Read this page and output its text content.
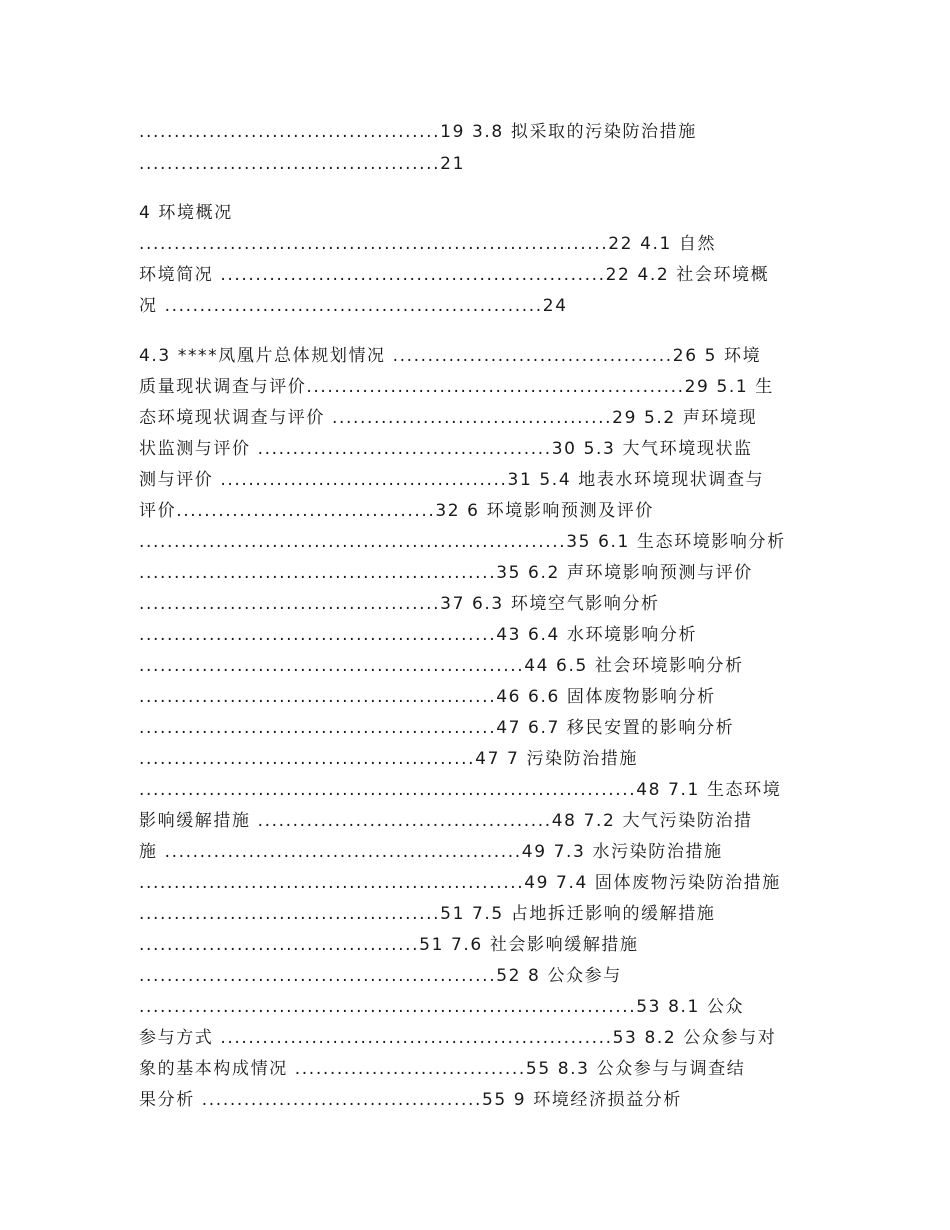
...........................................19 3.8 拟采取的污染防治措施
...........................................21
4 环境概况
...................................................................22 4.1 自然
环境简况 .......................................................22 4.2 社会环境概
况 ......................................................24
4.3 ****凤凰片总体规划情况 ........................................26 5 环境
质量现状调查与评价......................................................29 5.1 生
态环境现状调查与评价 ........................................29 5.2 声环境现
状监测与评价 ..........................................30 5.3 大气环境现状监
测与评价 .........................................31 5.4 地表水环境现状调查与
评价.....................................32 6 环境影响预测及评价
.............................................................35 6.1 生态环境影响分析
...................................................35 6.2 声环境影响预测与评价
...........................................37 6.3 环境空气影响分析
...................................................43 6.4 水环境影响分析
.......................................................44 6.5 社会环境影响分析
...................................................46 6.6 固体废物影响分析
...................................................47 6.7 移民安置的影响分析
................................................47 7 污染防治措施
.......................................................................48 7.1 生态环境
影响缓解措施 ..........................................48 7.2 大气污染防治措
施 ...................................................49 7.3 水污染防治措施
.......................................................49 7.4 固体废物污染防治措施
...........................................51 7.5 占地拆迁影响的缓解措施
........................................51 7.6 社会影响缓解措施
...................................................52 8 公众参与
.......................................................................53 8.1 公众
参与方式 ........................................................53 8.2 公众参与对
象的基本构成情况 .................................55 8.3 公众参与与调查结
果分析 ........................................55 9 环境经济损益分析
